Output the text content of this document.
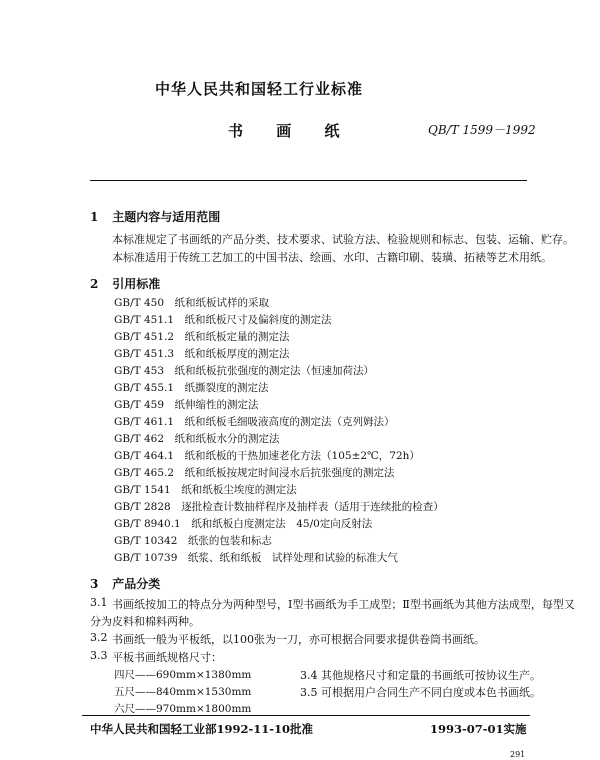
中华人民共和国轻工行业标准
书 画 纸	QB/T 1599－1992
1 主题内容与适用范围
本标准规定了书画纸的产品分类、技术要求、试验方法、检验规则和标志、包装、运输、贮存。
本标准适用于传统工艺加工的中国书法、绘画、水印、古籍印刷、装璜、拓裱等艺术用纸。
2 引用标准
GB/T 450　纸和纸板试样的采取
GB/T 451.1　纸和纸板尺寸及偏斜度的测定法
GB/T 451.2　纸和纸板定量的测定法
GB/T 451.3　纸和纸板厚度的测定法
GB/T 453　纸和纸板抗张强度的测定法（恒速加荷法）
GB/T 455.1　纸撕裂度的测定法
GB/T 459　纸伸缩性的测定法
GB/T 461.1　纸和纸板毛细吸液高度的测定法（克列姆法）
GB/T 462　纸和纸板水分的测定法
GB/T 464.1　纸和纸板的干热加速老化方法（105±2℃，72h）
GB/T 465.2　纸和纸板按规定时间浸水后抗张强度的测定法
GB/T 1541　纸和纸板尘埃度的测定法
GB/T 2828　逐批检查计数抽样程序及抽样表（适用于连续批的检查）
GB/T 8940.1　纸和纸板白度测定法　45/0定向反射法
GB/T 10342　纸张的包装和标志
GB/T 10739　纸浆、纸和纸板　试样处理和试验的标准大气
3 产品分类
3.1 书画纸按加工的特点分为两种型号，Ⅰ型书画纸为手工成型；Ⅱ型书画纸为其他方法成型，每型又
分为皮料和棉料两种。
3.2 书画纸一般为平板纸，以100张为一刀，亦可根据合同要求提供卷筒书画纸。
3.3 平板书画纸规格尺寸：
四尺——690mm×1380mm
五尺——840mm×1530mm
六尺——970mm×1800mm
中华人民共和国轻工业部1992-11-10批准	1993-07-01实施
291
3.4 其他规格尺寸和定量的书画纸可按协议生产。
3.5 可根据用户合同生产不同白度或本色书画纸。
